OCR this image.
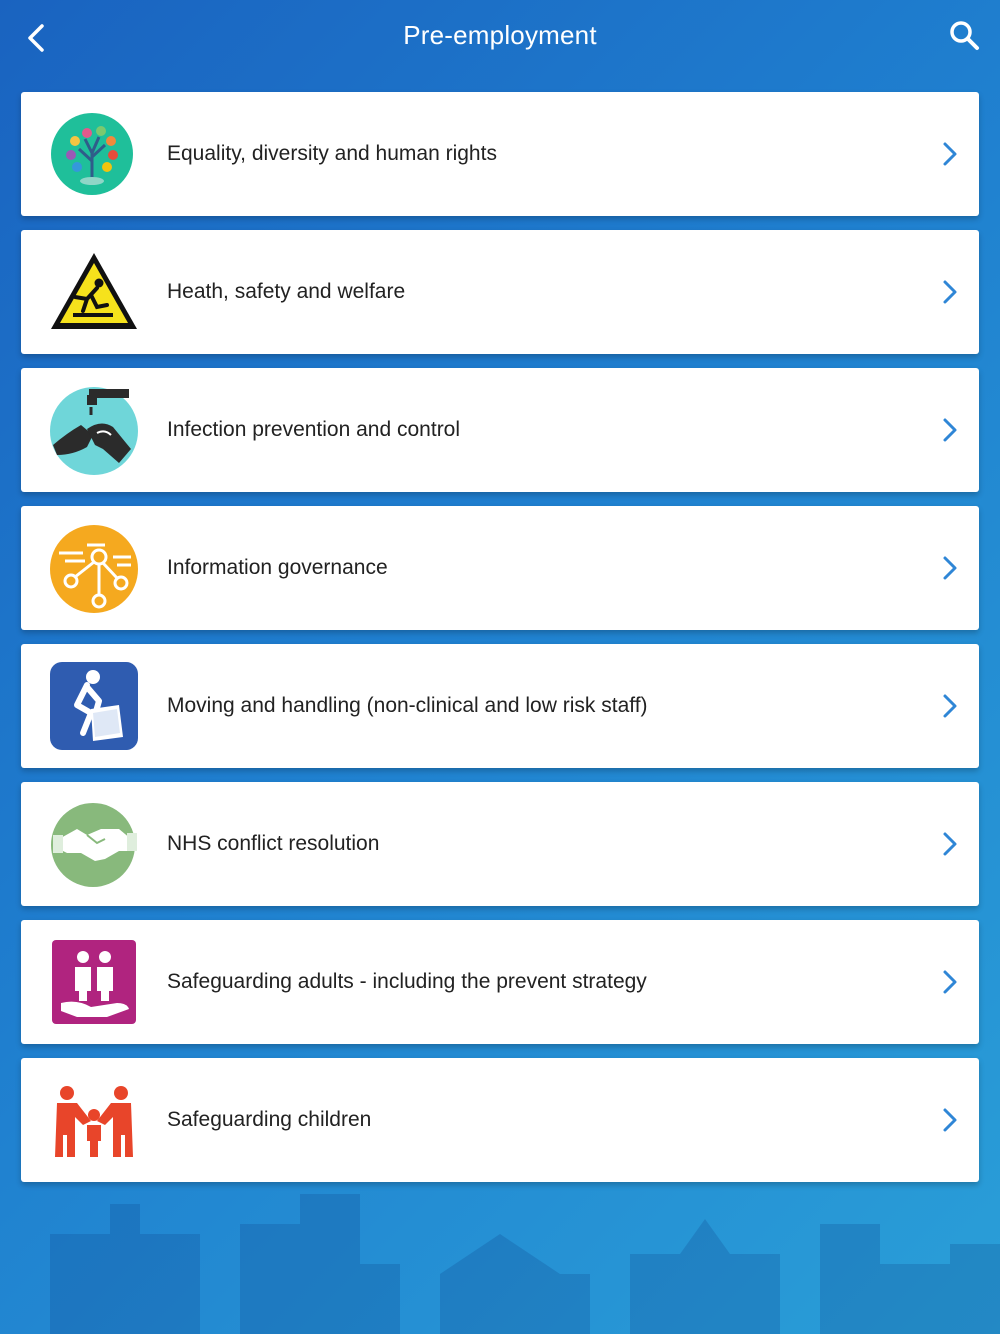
Pre-employment
Equality, diversity and human rights
Heath, safety and welfare
Infection prevention and control
Information governance
Moving and handling (non-clinical and low risk staff)
NHS conflict resolution
Safeguarding adults - including the prevent strategy
Safeguarding children
